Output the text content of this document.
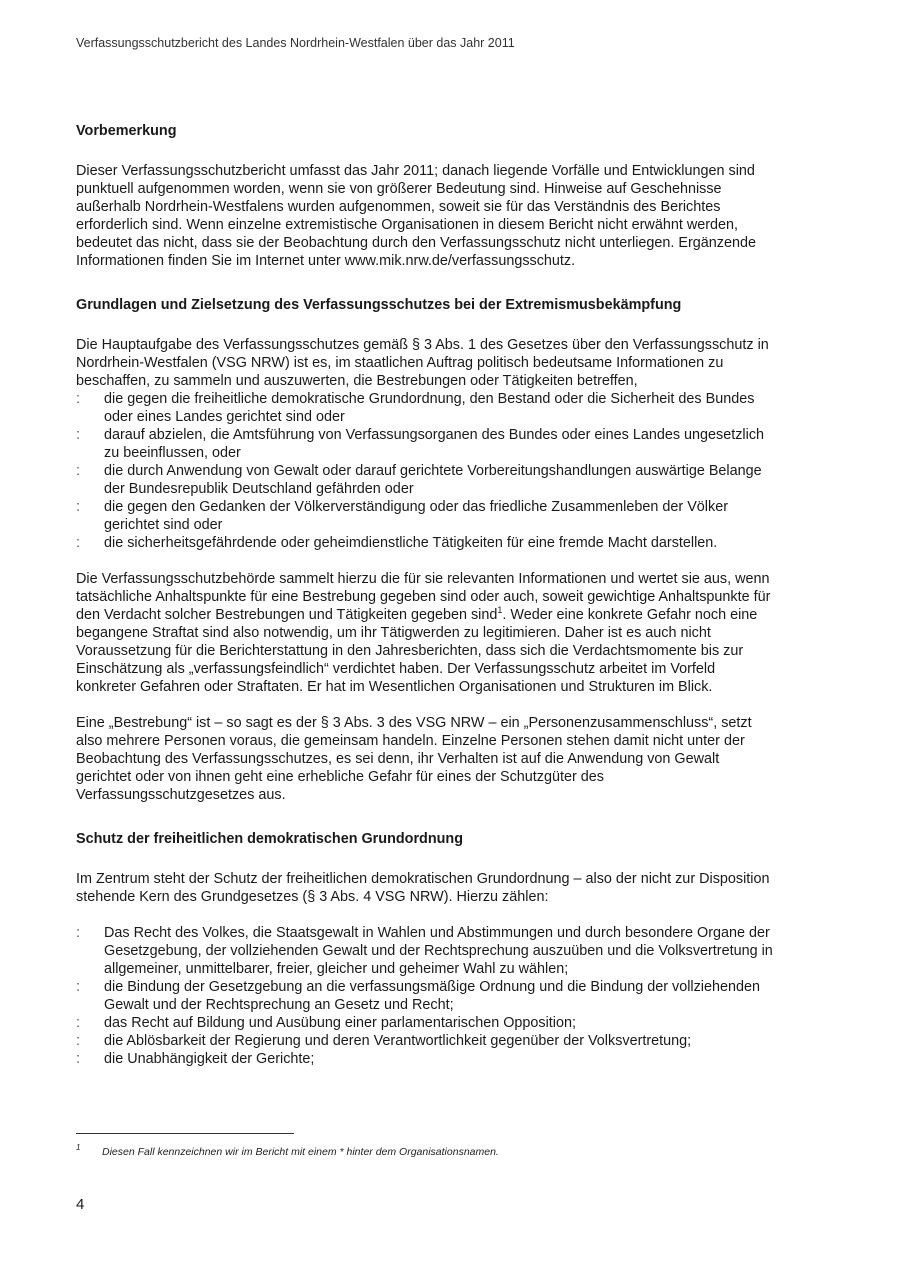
Verfassungsschutzbericht des Landes Nordrhein-Westfalen über das Jahr 2011
Vorbemerkung

Dieser Verfassungsschutzbericht umfasst das Jahr 2011; danach liegende Vorfälle und Entwicklungen sind punktuell aufgenommen worden, wenn sie von größerer Bedeutung sind. Hinweise auf Geschehnisse außerhalb Nordrhein-Westfalens wurden aufgenommen, soweit sie für das Verständnis des Berichtes erforderlich sind. Wenn einzelne extremistische Organisationen in diesem Bericht nicht erwähnt werden, bedeutet das nicht, dass sie der Beobachtung durch den Verfassungsschutz nicht unterliegen. Ergänzende Informationen finden Sie im Internet unter www.mik.nrw.de/verfassungsschutz.

Grundlagen und Zielsetzung des Verfassungsschutzes bei der Extremismusbekämpfung

Die Hauptaufgabe des Verfassungsschutzes gemäß § 3 Abs. 1 des Gesetzes über den Verfassungsschutz in Nordrhein-Westfalen (VSG NRW) ist es, im staatlichen Auftrag politisch bedeutsame Informationen zu beschaffen, zu sammeln und auszuwerten, die Bestrebungen oder Tätigkeiten betreffen,

:	die gegen die freiheitliche demokratische Grundordnung, den Bestand oder die Sicherheit des Bundes oder eines Landes gerichtet sind oder
:	darauf abzielen, die Amtsführung von Verfassungsorganen des Bundes oder eines Landes ungesetzlich zu beeinflussen, oder
:	die durch Anwendung von Gewalt oder darauf gerichtete Vorbereitungshandlungen auswärtige Belange der Bundesrepublik Deutschland gefährden oder
:	die gegen den Gedanken der Völkerverständigung oder das friedliche Zusammenleben der Völker gerichtet sind oder
:	die sicherheitsgefährdende oder geheimdienstliche Tätigkeiten für eine fremde Macht darstellen.

Die Verfassungsschutzbehörde sammelt hierzu die für sie relevanten Informationen und wertet sie aus, wenn tatsächliche Anhaltspunkte für eine Bestrebung gegeben sind oder auch, soweit gewichtige Anhaltspunkte für den Verdacht solcher Bestrebungen und Tätigkeiten gegeben sind$^1$. Weder eine konkrete Gefahr noch eine begangene Straftat sind also notwendig, um ihr Tätigwerden zu legitimieren. Daher ist es auch nicht Voraussetzung für die Berichterstattung in den Jahresberichten, dass sich die Verdachtsmomente bis zur Einschätzung als „verfassungsfeindlich“ verdichtet haben. Der Verfassungsschutz arbeitet im Vorfeld konkreter Gefahren oder Straftaten. Er hat im Wesentlichen Organisationen und Strukturen im Blick.

Eine „Bestrebung“ ist – so sagt es der § 3 Abs. 3 des VSG NRW – ein „Personenzusammenschluss“, setzt also mehrere Personen voraus, die gemeinsam handeln. Einzelne Personen stehen damit nicht unter der Beobachtung des Verfassungsschutzes, es sei denn, ihr Verhalten ist auf die Anwendung von Gewalt gerichtet oder von ihnen geht eine erhebliche Gefahr für eines der Schutzgüter des Verfassungsschutzgesetzes aus.

Schutz der freiheitlichen demokratischen Grundordnung

Im Zentrum steht der Schutz der freiheitlichen demokratischen Grundordnung – also der nicht zur Disposition stehende Kern des Grundgesetzes (§ 3 Abs. 4 VSG NRW). Hierzu zählen:

:	Das Recht des Volkes, die Staatsgewalt in Wahlen und Abstimmungen und durch besondere Organe der Gesetzgebung, der vollziehenden Gewalt und der Rechtsprechung auszuüben und die Volksvertretung in allgemeiner, unmittelbarer, freier, gleicher und geheimer Wahl zu wählen;
:	die Bindung der Gesetzgebung an die verfassungsmäßige Ordnung und die Bindung der vollziehenden Gewalt und der Rechtsprechung an Gesetz und Recht;
:	das Recht auf Bildung und Ausübung einer parlamentarischen Opposition;
:	die Ablösbarkeit der Regierung und deren Verantwortlichkeit gegenüber der Volksvertretung;
:	die Unabhängigkeit der Gerichte;
1 Diesen Fall kennzeichnen wir im Bericht mit einem * hinter dem Organisationsnamen.
4
